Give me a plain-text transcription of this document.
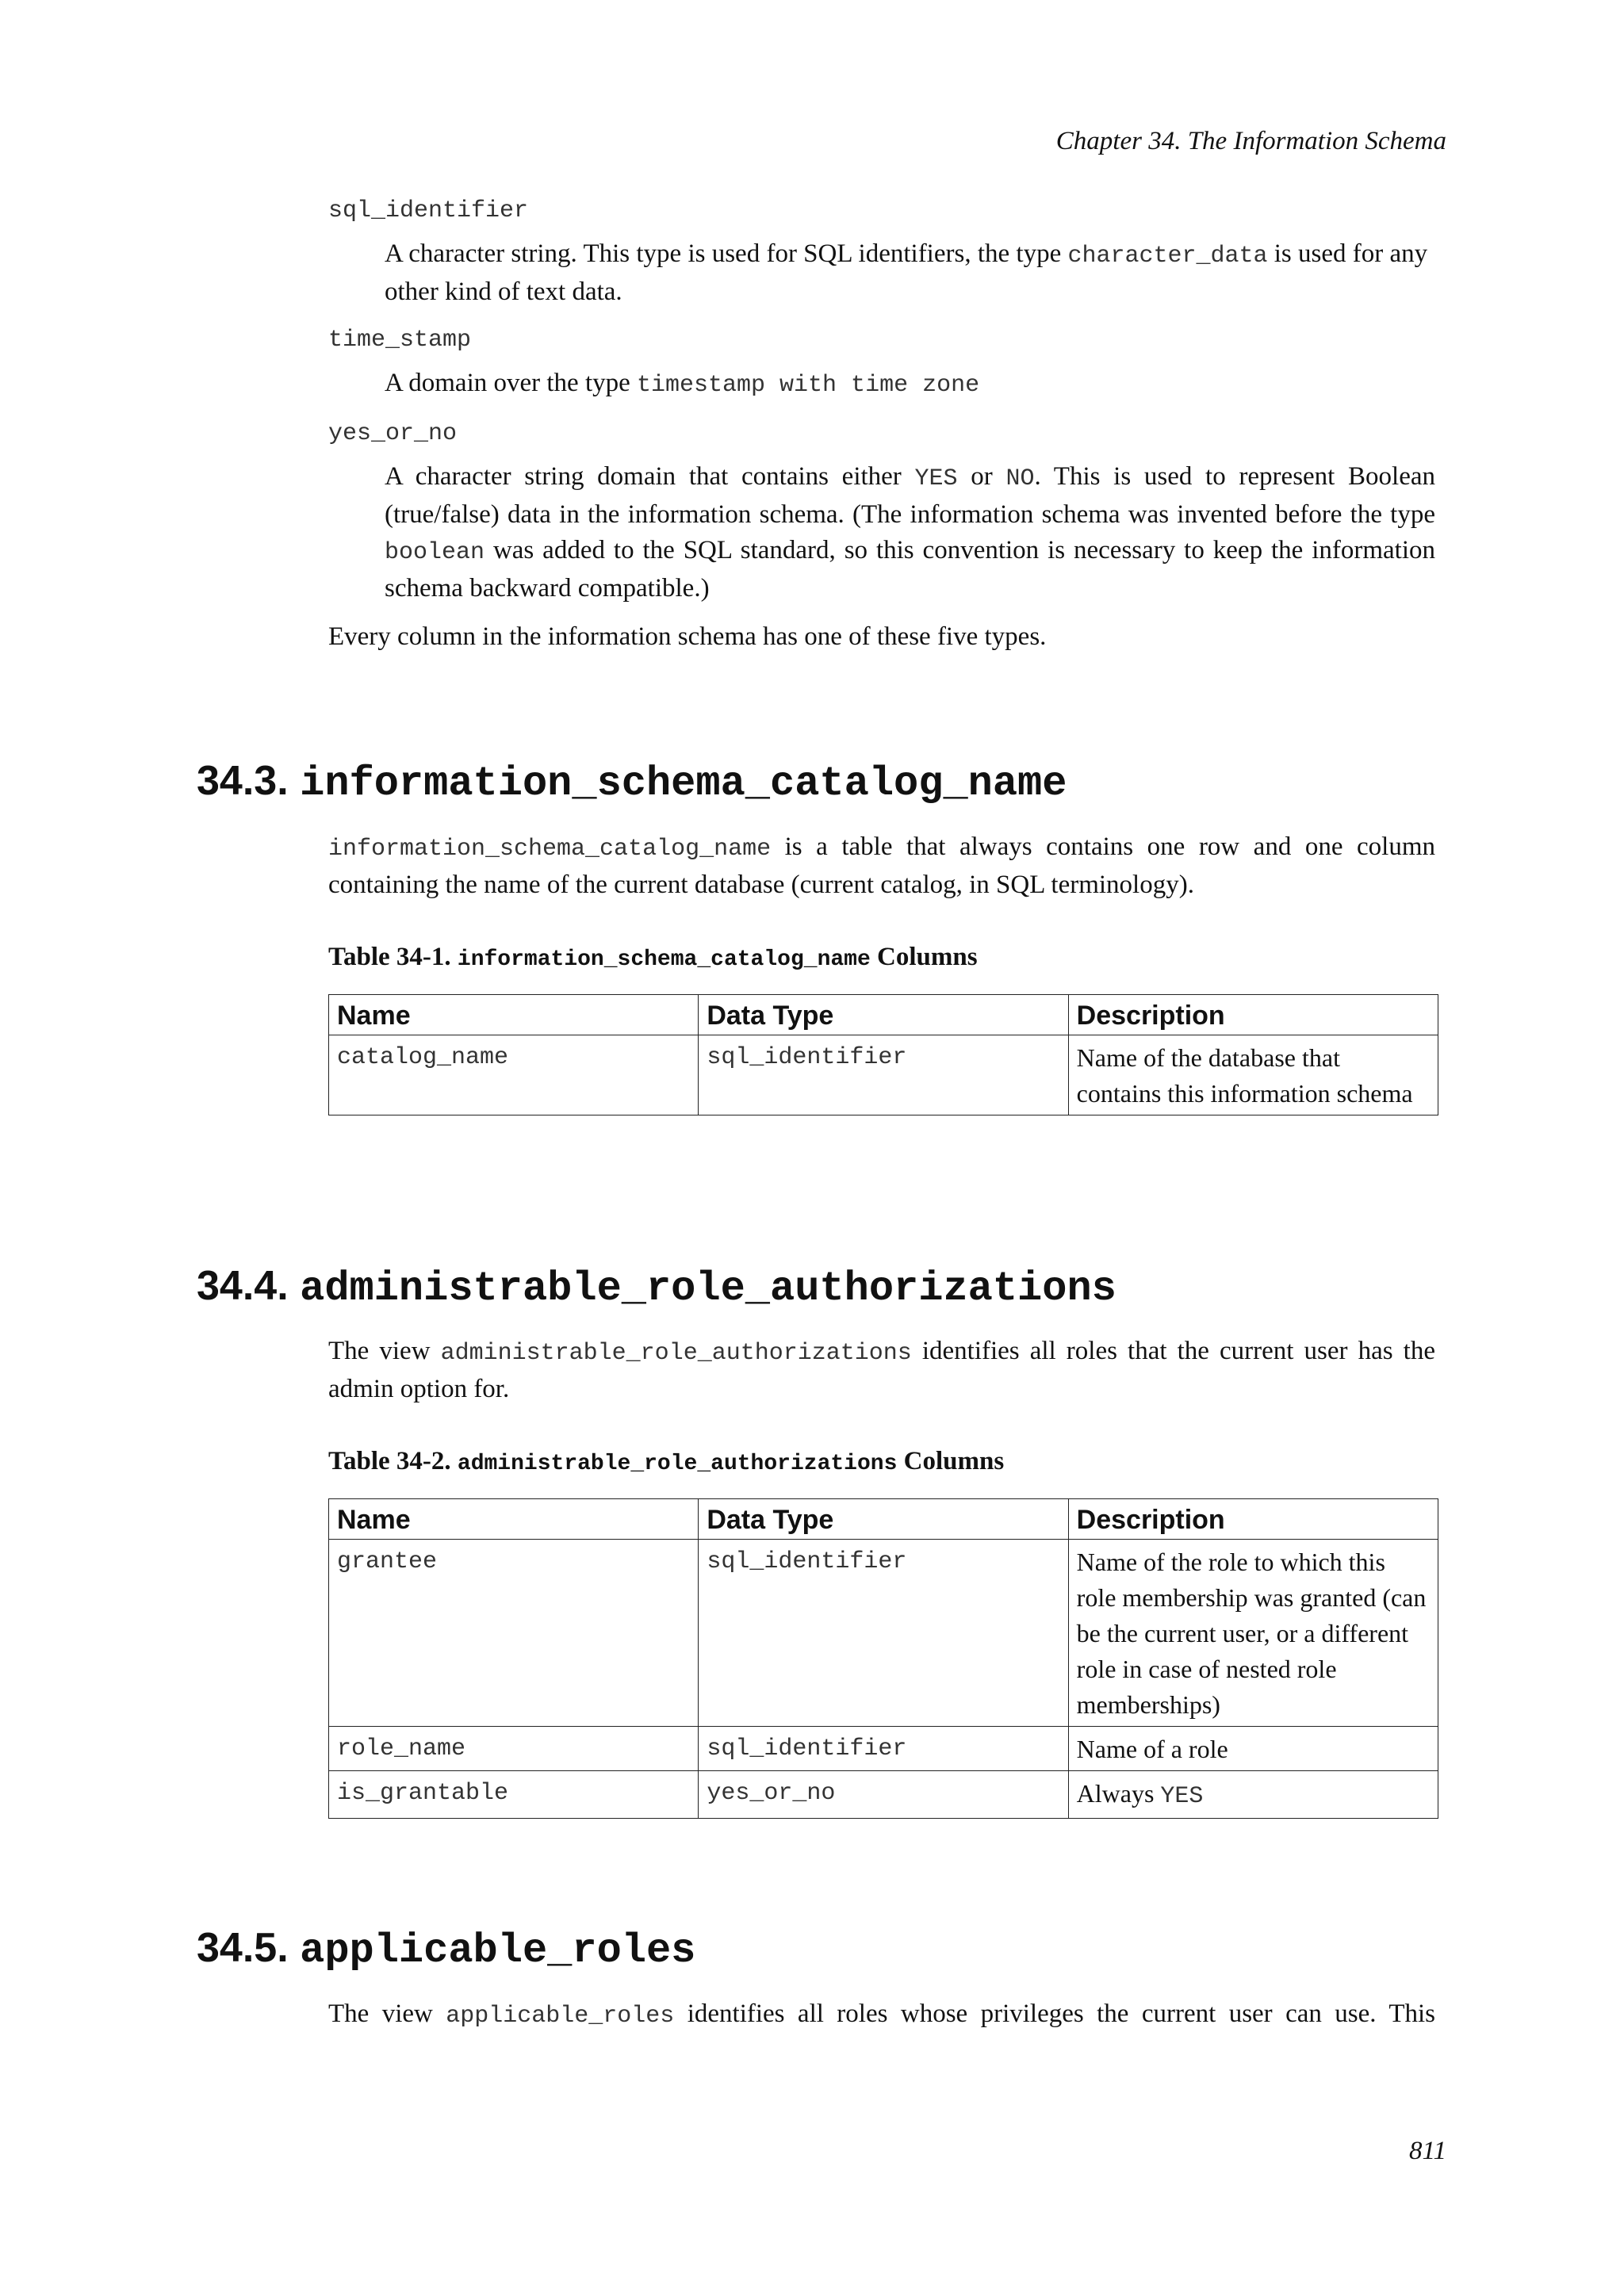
Chapter 34. The Information Schema
sql_identifier

A character string. This type is used for SQL identifiers, the type character_data is used for any other kind of text data.

time_stamp

A domain over the type timestamp with time zone

yes_or_no

A character string domain that contains either YES or NO. This is used to represent Boolean (true/false) data in the information schema. (The information schema was invented before the type boolean was added to the SQL standard, so this convention is necessary to keep the information schema backward compatible.)

Every column in the information schema has one of these five types.

34.3. information_schema_catalog_name

information_schema_catalog_name is a table that always contains one row and one column containing the name of the current database (current catalog, in SQL terminology).

Table 34-1. information_schema_catalog_name Columns
Name	Data Type	Description
catalog_name	sql_identifier	Name of the database that contains this information schema
34.4. administrable_role_authorizations

The view administrable_role_authorizations identifies all roles that the current user has the admin option for.

Table 34-2. administrable_role_authorizations Columns
Name	Data Type	Description
grantee	sql_identifier	Name of the role to which this role membership was granted (can be the current user, or a different role in case of nested role memberships)
role_name	sql_identifier	Name of a role
is_grantable	yes_or_no	Always YES
34.5. applicable_roles

The view applicable_roles identifies all roles whose privileges the current user can use. This

811
